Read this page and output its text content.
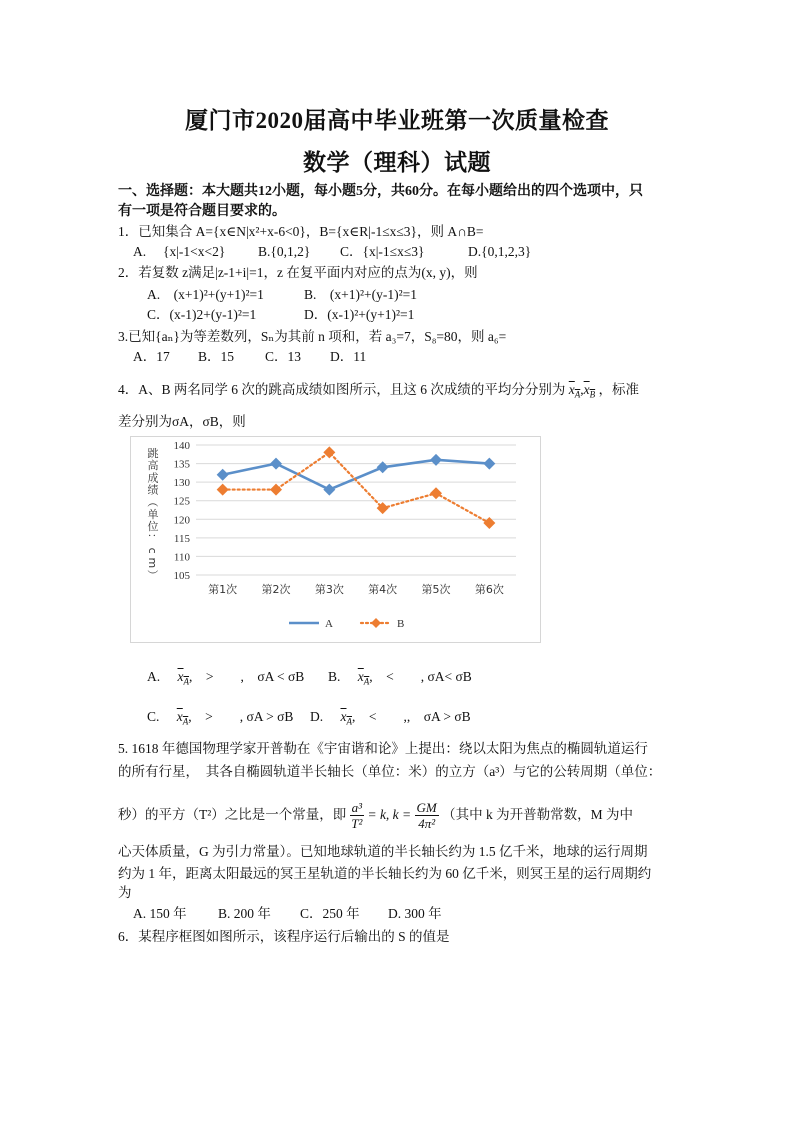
厦门市2020届高中毕业班第一次质量检查
数学（理科）试题
一、选择题：本大题共12小题，每小题5分，共60分。在每小题给出的四个选项中，只
有一项是符合题目要求的。
1．已知集合 A={x∈N|x²+x-6<0}，B={x∈R|-1≤x≤3}，则 A∩B=
A.　 {x|-1<x<2} B.{0,1,2} C．{x|-1≤x≤3}	D.{0,1,2,3}
2．若复数 z满足|z-1+i|=1，z 在复平面内对应的点为(x, y)，则
A.　(x+1)²+(y+1)²=1	B.　(x+1)²+(y-1)²=1
C．(x-1)2+(y-1)²=1	D．(x-1)²+(y+1)²=1
3.已知{aₙ}为等差数列，Sₙ为其前 n 项和，若 a₃=7，S₈=80，则 a₆=
A．17 B．15 C．13 D．11
4．A、B 两名同学 6 次的跳高成绩如图所示，且这 6 次成绩的平均分分别为 $x_A,x_B$ ，标准
差分别为σA，σB，则
105
110
115
120
125
130
135
140
第1次 第2次 第3次 第4次 第5次 第6次
跳
高
成
绩
（
单
位
：
c
m
）
A	B
A. $x_A$,　>　　,　σA < σB B. $x_A$,　<　　, σA< σB
C. $x_A$,　>　　, σA > σB D. $x_A$,　<　　,,　σA > σB
5. 1618 年德国物理学家开普勒在《宇宙谐和论》上提出：绕以太阳为焦点的椭圆轨道运行
的所有行星，　其各自椭圆轨道半长轴长（单位：米）的立方（a³）与它的公转周期（单位：
秒）的平方（T²）之比是一个常量，即 $\frac{\text{a³}}{\text{T²}} = k$, $k = \frac{GM}{\text{4π²}}$ （其中 k 为开普勒常数，M 为中
心天体质量，G 为引力常量）。已知地球轨道的半长轴长约为 1.5 亿千米，地球的运行周期
约为 1 年，距离太阳最远的冥王星轨道的半长轴长约为 60 亿千米，则冥王星的运行周期约
为
A. 150 年 B. 200 年 C．250 年 D. 300 年
6．某程序框图如图所示，该程序运行后输出的 S 的值是
